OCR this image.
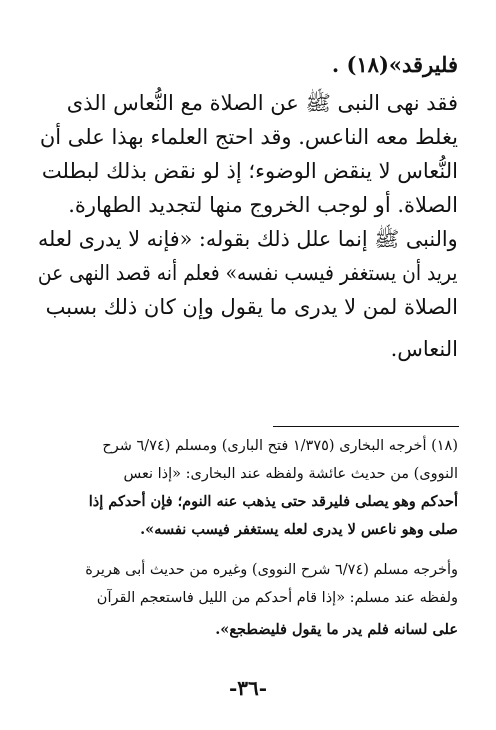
فليرقد»(١٨) .
فقد نهى النبى ﷺ عن الصلاة مع النُّعاس الذى
يغلط معه الناعس. وقد احتج العلماء بهذا على أن
النُّعاس لا ينقض الوضوء؛ إذ لو نقض بذلك لبطلت
الصلاة. أو لوجب الخروج منها لتجديد الطهارة.
والنبى ﷺ إنما علل ذلك بقوله: «فإنه لا يدرى لعله
يريد أن يستغفر فيسب نفسه» فعلم أنه قصد النهى عن
الصلاة لمن لا يدرى ما يقول وإن كان ذلك بسبب
النعاس.
(١٨) أخرجه البخارى (١/٣٧٥ فتح البارى) ومسلم (٦/٧٤ شرح
النووى) من حديث عائشة ولفظه عند البخارى: «إذا نعس
أحدكم وهو يصلى فليرقد حتى يذهب عنه النوم؛ فإن أحدكم إذا
صلى وهو ناعس لا يدرى لعله يستغفر فيسب نفسه».
وأخرجه مسلم (٦/٧٤ شرح النووى) وغيره من حديث أبى هريرة
ولفظه عند مسلم: «إذا قام أحدكم من الليل فاستعجم القرآن
على لسانه فلم يدر ما يقول فليضطجع».
-٣٦-
